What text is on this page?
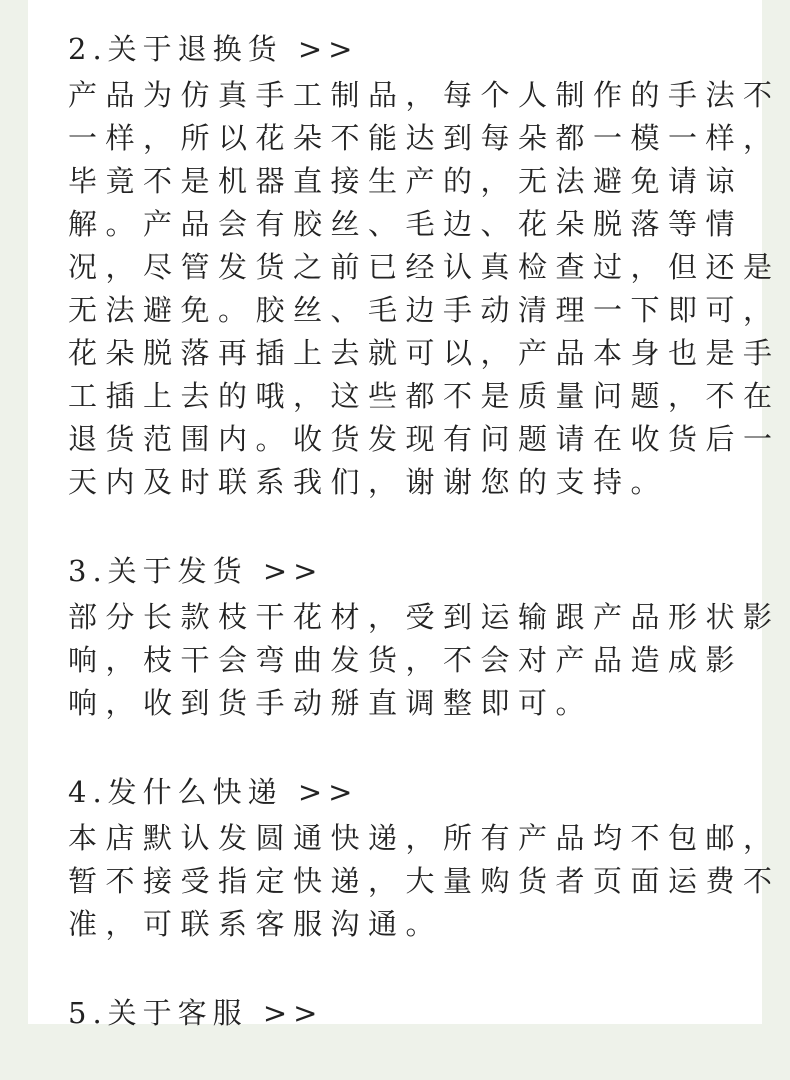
2.关于退换货 >>
产品为仿真手工制品，每个人制作的手法不
一样，所以花朵不能达到每朵都一模一样，
毕竟不是机器直接生产的，无法避免请谅
解。产品会有胶丝、毛边、花朵脱落等情
况，尽管发货之前已经认真检查过，但还是
无法避免。胶丝、毛边手动清理一下即可，
花朵脱落再插上去就可以，产品本身也是手
工插上去的哦，这些都不是质量问题，不在
退货范围内。收货发现有问题请在收货后一
天内及时联系我们，谢谢您的支持。
3.关于发货 >>
部分长款枝干花材，受到运输跟产品形状影
响，枝干会弯曲发货，不会对产品造成影
响，收到货手动掰直调整即可。
4.发什么快递 >>
本店默认发圆通快递，所有产品均不包邮，
暂不接受指定快递，大量购货者页面运费不
准，可联系客服沟通。
5.关于客服 >>
